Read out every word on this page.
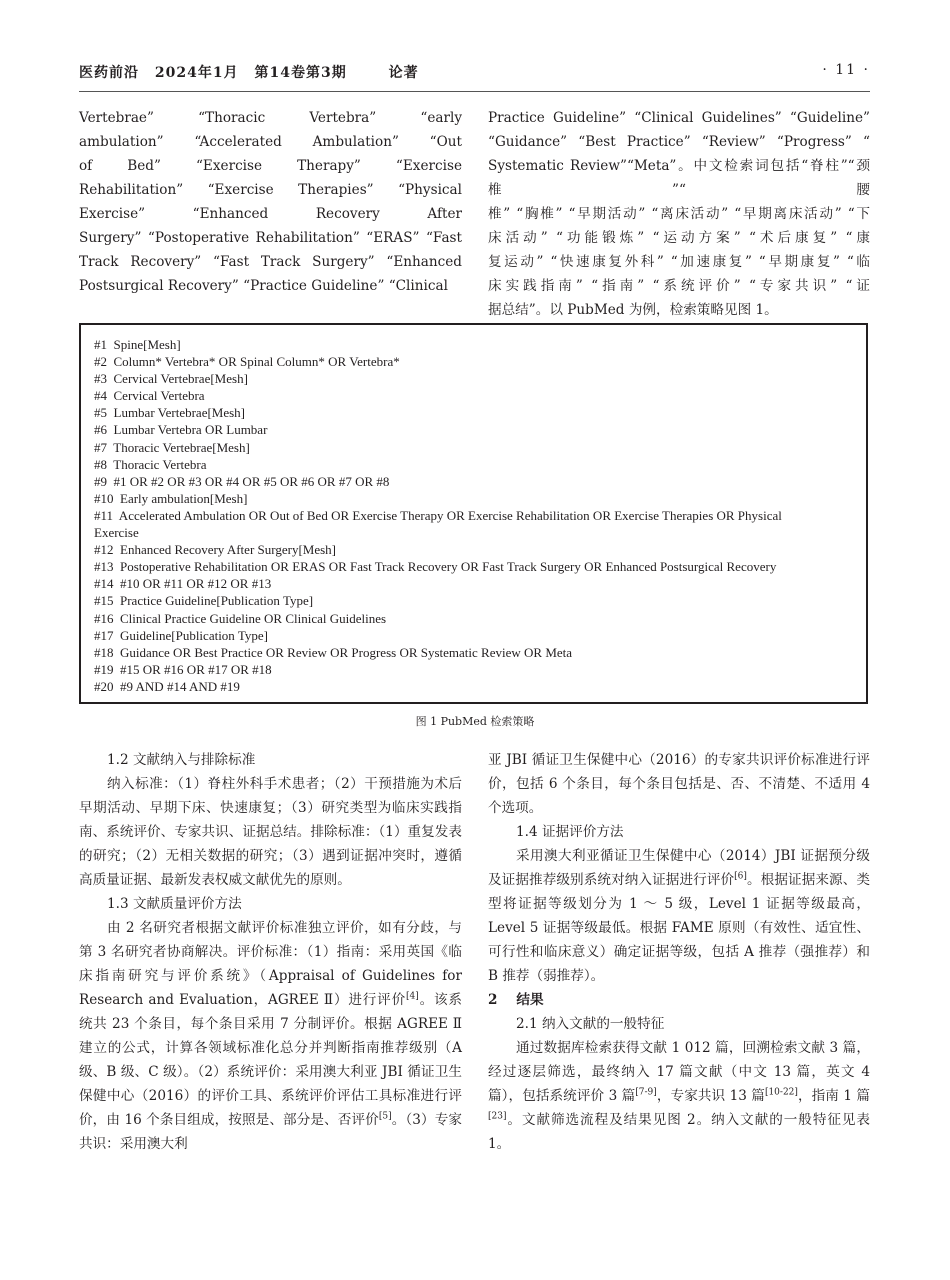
医药前沿 2024年1月 第14卷第3期	论著	· 11 ·
Vertebrae” “Thoracic Vertebra” “early
ambulation” “Accelerated Ambulation” “Out
of Bed” “Exercise Therapy” “Exercise
Rehabilitation” “Exercise Therapies” “Physical
Exercise” “Enhanced Recovery After
Surgery” “Postoperative Rehabilitation” “ERAS” “Fast
Track Recovery” “Fast Track Surgery” “Enhanced
Postsurgical Recovery” “Practice Guideline” “Clinical
Practice Guideline” “Clinical Guidelines” “Guideline”
“Guidance” “Best Practice” “Review” “Progress” “
Systematic Review”“Meta”。中文检索词包括“脊柱”“颈椎”“腰
椎” “胸椎” “早期活动” “离床活动” “早期离床活动” “下
床活动” “功能锻炼” “运动方案” “术后康复” “康
复运动” “快速康复外科” “加速康复” “早期康复” “临
床实践指南” “指南” “系统评价” “专家共识” “证
据总结”。以 PubMed 为例，检索策略见图 1。
#1  Spine[Mesh]
#2  Column* Vertebra* OR Spinal Column* OR Vertebra*
#3  Cervical Vertebrae[Mesh]
#4  Cervical Vertebra
#5  Lumbar Vertebrae[Mesh]
#6  Lumbar Vertebra OR Lumbar
#7  Thoracic Vertebrae[Mesh]
#8  Thoracic Vertebra
#9  #1 OR #2 OR #3 OR #4 OR #5 OR #6 OR #7 OR #8
#10  Early ambulation[Mesh]
#11  Accelerated Ambulation OR Out of Bed OR Exercise Therapy OR Exercise Rehabilitation OR Exercise Therapies OR Physical
Exercise
#12  Enhanced Recovery After Surgery[Mesh]
#13  Postoperative Rehabilitation OR ERAS OR Fast Track Recovery OR Fast Track Surgery OR Enhanced Postsurgical Recovery
#14  #10 OR #11 OR #12 OR #13
#15  Practice Guideline[Publication Type]
#16  Clinical Practice Guideline OR Clinical Guidelines
#17  Guideline[Publication Type]
#18  Guidance OR Best Practice OR Review OR Progress OR Systematic Review OR Meta
#19  #15 OR #16 OR #17 OR #18
#20  #9 AND #14 AND #19
图 1 PubMed 检索策略

1.2 文献纳入与排除标准

纳入标准：（1）脊柱外科手术患者；（2）干预措施为术后早期活动、早期下床、快速康复；（3）研究类型为临床实践指南、系统评价、专家共识、证据总结。排除标准：（1）重复发表的研究；（2）无相关数据的研究；（3）遇到证据冲突时，遵循高质量证据、最新发表权威文献优先的原则。

1.3 文献质量评价方法

由 2 名研究者根据文献评价标准独立评价，如有分歧，与第 3 名研究者协商解决。评价标准：（1）指南：采用英国《临床指南研究与评价系统》（Appraisal of Guidelines for Research and Evaluation，AGREE Ⅱ）进行评价[4]。该系统共 23 个条目，每个条目采用 7 分制评价。根据 AGREE Ⅱ建立的公式，计算各领域标准化总分并判断指南推荐级别（A 级、B 级、C 级）。（2）系统评价：采用澳大利亚 JBI 循证卫生保健中心（2016）的评价工具、系统评价评估工具标准进行评价，由 16 个条目组成，按照是、部分是、否评价[5]。（3）专家共识：采用澳大利

亚 JBI 循证卫生保健中心（2016）的专家共识评价标准进行评价，包括 6 个条目，每个条目包括是、否、不清楚、不适用 4 个选项。

1.4 证据评价方法

采用澳大利亚循证卫生保健中心（2014）JBI 证据预分级及证据推荐级别系统对纳入证据进行评价[6]。根据证据来源、类型将证据等级划分为 1 ～ 5 级，Level 1 证据等级最高，Level 5 证据等级最低。根据 FAME 原则（有效性、适宜性、可行性和临床意义）确定证据等级，包括 A 推荐（强推荐）和 B 推荐（弱推荐）。

2    结果

2.1 纳入文献的一般特征

通过数据库检索获得文献 1 012 篇，回溯检索文献 3 篇，经过逐层筛选，最终纳入 17 篇文献（中文 13 篇，英文 4 篇），包括系统评价 3 篇[7-9]，专家共识 13 篇[10-22]，指南 1 篇[23]。文献筛选流程及结果见图 2。纳入文献的一般特征见表 1。
